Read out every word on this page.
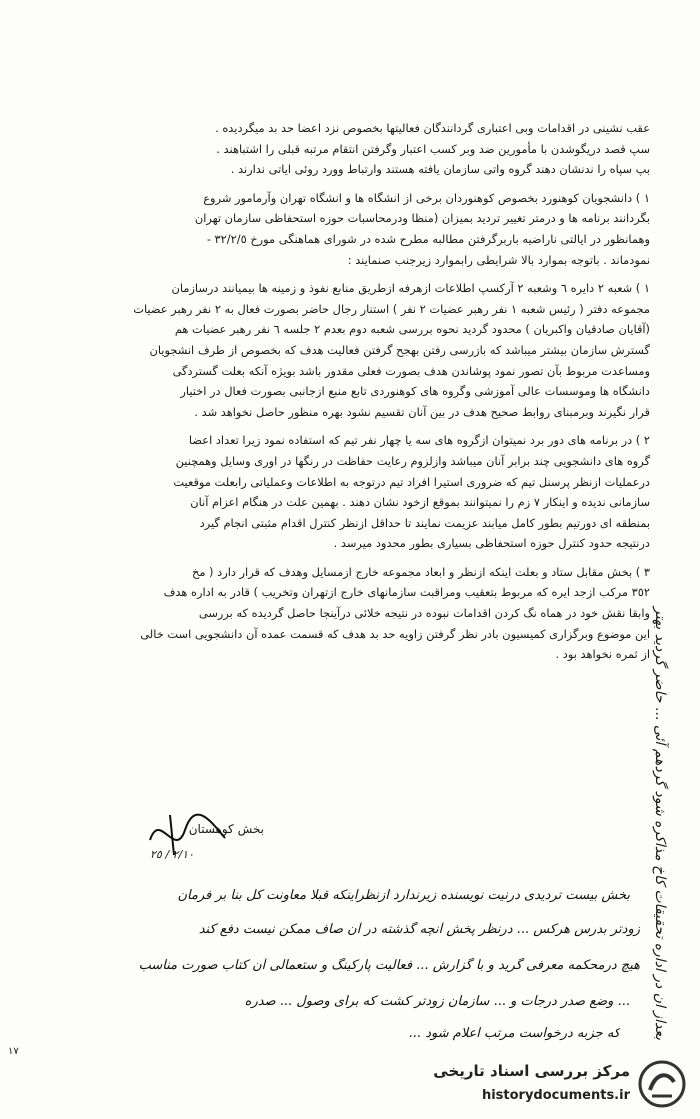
عقب نشینی در اقدامات وبی اعتباری گردانندگان فعالیتها بخصوص نزد اعضا حد بد میگردیده .
سپ قصد دریگوشدن با مأمورین ضد وبر کسب اعتبار وگرفتن انتقام مرتبه قبلی را اشتباهند .
بپ سپاه را ندنشان دهند گروه واتی سازمان یافته هستند وارتباط وورد روئی ایاتی ندارند .
١ ) دانشجویان کوهنورد بخصوص کوهنوردان برخی از انشگاه ها و انشگاه تهران وآرمامور شروع
بگردانند برنامه ها و درمتر تغییر تردید بمیزان (منظا ودرمحاسبات حوزه استحفاظی سازمان تهران
وهمانظور در ایالتی ناراضیه باربرگرفتن مطالبه مطرح شده در شورای هماهنگی مورخ ٣٢/٢/٥ -
نمودماند . باتوجه بموارد بالا شرایطی رابموارد زیرجنب صنمایند :
١ ) شعبه ٢ دایره ٦ وشعبه ٢ آرکسپ اطلاعات ازهرفه ازطریق منابع نفوذ و زمینه ها بیمیانند درسازمان
مجموعه دفتر ( رئیس شعبه ١ نفر رهبر عضیات ٢ نفر ) استنار رجال حاضر بصورت فعال به ٢ نفر رهبر عضیات
(آقایان صادقیان واکبریان ) محدود گردید نحوه بررسی شعبه دوم بعدم ٢ جلسه ٦ نفر رهبر عضیات هم
گسترش سازمان بیشتر میباشد که بازرسی رفتن بهجح گرفتن فعالیت هدف که بخصوص از طرف انشجویان
ومساعدت مربوط بآن تصور نمود پوشاندن هدف بصورت فعلی مقدور باشد بویژه آنکه بعلت گستردگی
دانشگاه ها وموسسات عالی آموزشی وگروه های کوهنوردی تابع منبع ازجانبی بصورت فعال در اختیار
قرار نگیرند وبرمبنای روابط صحیح هدف در بین آنان تقسیم نشود بهره منظور حاصل نخواهد شد .
٢ ) در برنامه های دور برد نمیتوان ازگروه های سه یا چهار نفر تیم که استفاده نمود زیرا تعداد اعضا
گروه های دانشجویی چند برابر آنان میباشد وازلزوم رعایت حفاظت در رنگها در اوری وسایل وهمچنین
درعملیات ازنظر پرسنل تیم که ضروری استیرا افراد تیم درتوجه به اطلاعات وعملیاتی رابعلت موقعیت
سازمانی ندیده و اینکار ٧ زم را نمیتوانند بموقع ازخود نشان دهند . بهمین علت در هنگام اعزام آنان
بمنطقه ای دورتیم بطور کامل میابند عزیمت نمایند تا حداقل ازنظر کنترل اقدام مثبتی انجام گیرد
درنتیجه حدود کنترل حوزه استحفاظی بسیاری بطور محدود میرسد .
٣ ) بخش مقابل ستاد و بعلت اینکه ازنظر و ابعاد مجموعه خارج ازمسایل وهدف که قرار دارد ( مخ
٣٥٢ مرکب ازجد ایره که مربوط بتعقیب ومراقبت سازمانهای خارج ازتهران وتخریب ) قادر به اداره هدف
وابقا نقش خود در هماه نگ کردن اقدامات نبوده در نتیجه خلائی درآینجا حاصل گردیده که بررسی
این موضوع وبرگزاری کمیسیون بادر نظر گرفتن زاویه حد بد هدف که قسمت عمده آن دانشجویی است خالی
از ثمره نخواهد بود .
بخش کوهستان
٢/١٠ / ٢٥
بخش بیست تردیدی درنیت نویسنده زیرندارد ازنظراینکه قبلا معاونت کل بنا بر فرمان
زودتر بدرس هرکس ... درنظر پخش آنچه گذشته در آن صاف ممکن نیست دفع کند
هیچ درمحکمه معرفی گرید و با گزارش ... فعالیت پارکینگ و ستعمالی آن کتاب صورت مناسب
... وضع صدر درجات و ... سازمان زودتر کشت که برای وصول ... صدره
که جزبه درخواست مرتب اعلام شود ... بعداز ان در اداره تحقیقات کاخ مذاکره شود گردهم آئی ... حاضر گردید بهتر
١٧
مرکز بررسی اسناد تاریخی
historydocuments.ir
